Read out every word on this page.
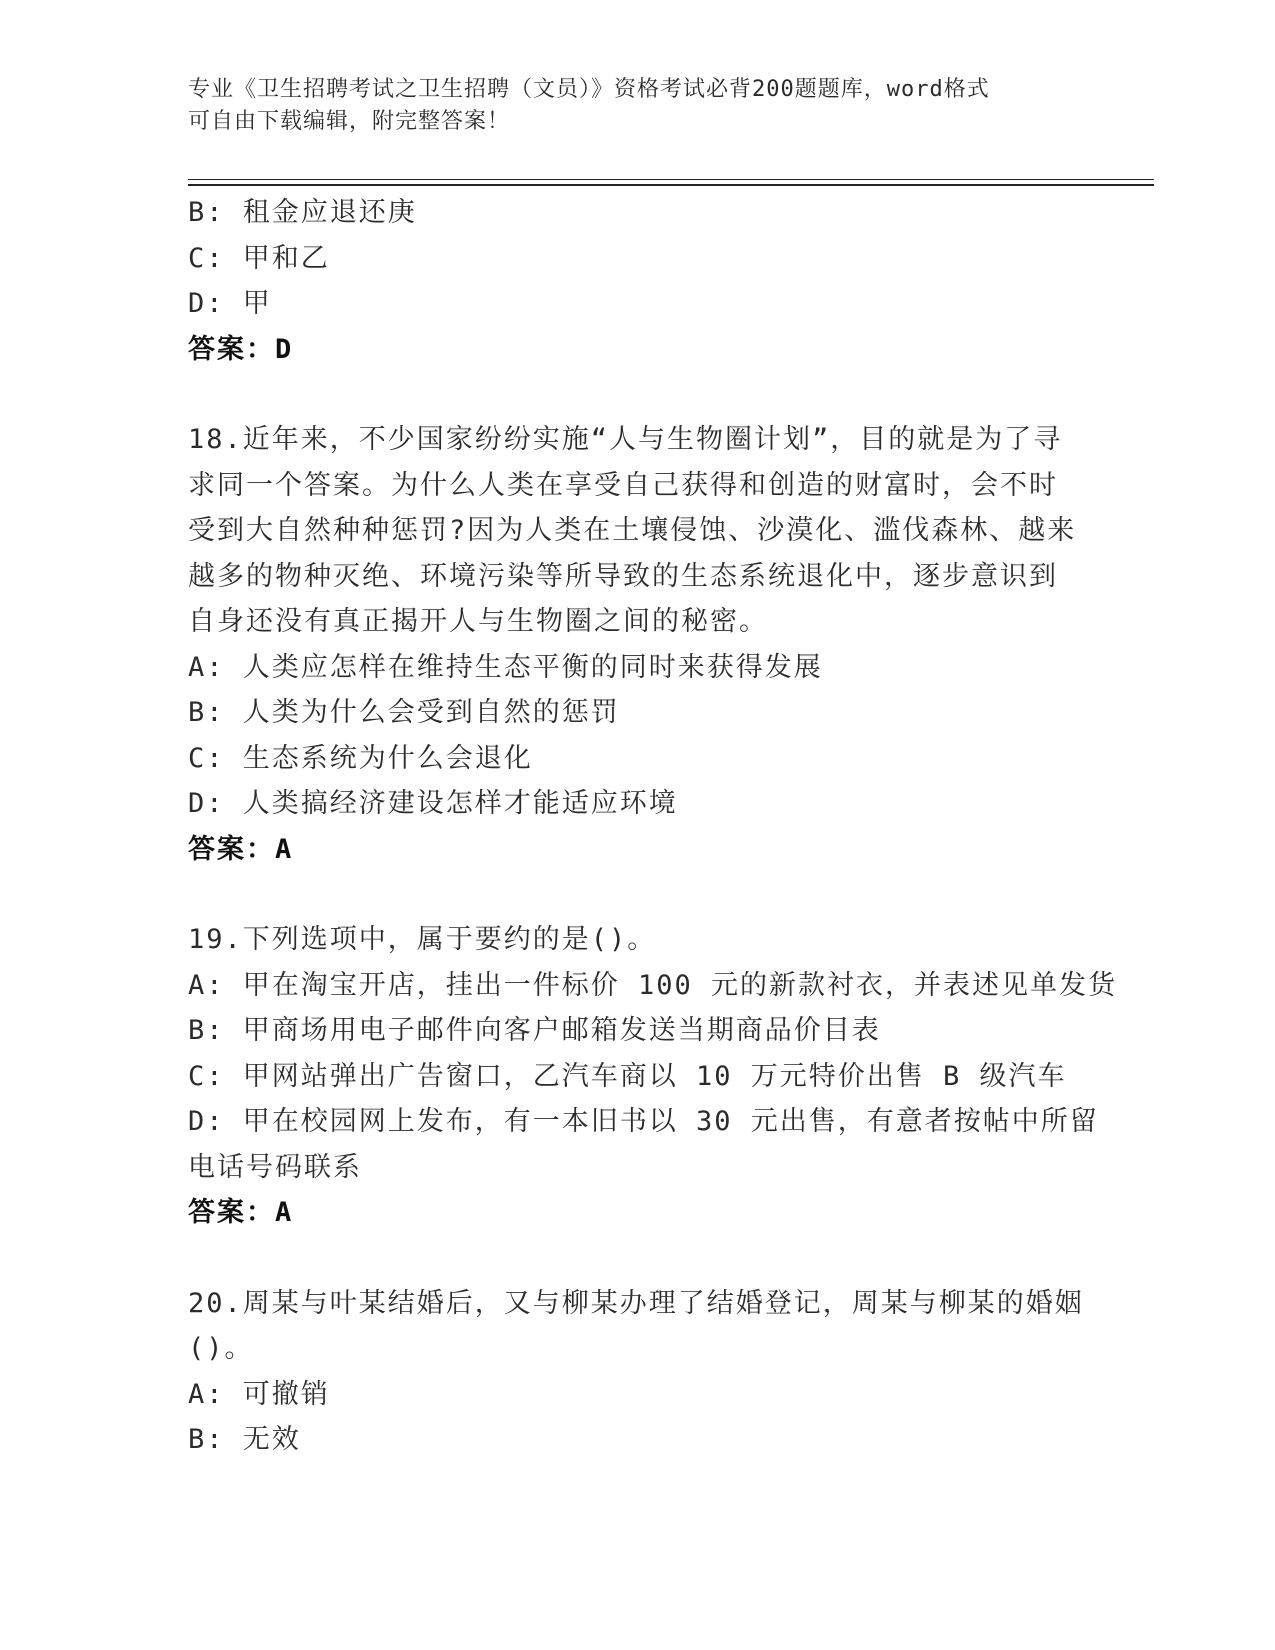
专业《卫生招聘考试之卫生招聘（文员）》资格考试必背200题题库，word格式
可自由下载编辑，附完整答案！
B: 租金应退还庚
C: 甲和乙
D: 甲
答案：D
18.近年来，不少国家纷纷实施“人与生物圈计划”，目的就是为了寻
求同一个答案。为什么人类在享受自己获得和创造的财富时，会不时
受到大自然种种惩罚?因为人类在土壤侵蚀、沙漠化、滥伐森林、越来
越多的物种灭绝、环境污染等所导致的生态系统退化中，逐步意识到
自身还没有真正揭开人与生物圈之间的秘密。
A: 人类应怎样在维持生态平衡的同时来获得发展
B: 人类为什么会受到自然的惩罚
C: 生态系统为什么会退化
D: 人类搞经济建设怎样才能适应环境
答案：A
19.下列选项中，属于要约的是()。
A: 甲在淘宝开店，挂出一件标价 100 元的新款衬衣，并表述见单发货
B: 甲商场用电子邮件向客户邮箱发送当期商品价目表
C: 甲网站弹出广告窗口，乙汽车商以 10 万元特价出售 B 级汽车
D: 甲在校园网上发布，有一本旧书以 30 元出售，有意者按帖中所留
电话号码联系
答案：A
20.周某与叶某结婚后，又与柳某办理了结婚登记，周某与柳某的婚姻
()。
A: 可撤销
B: 无效
